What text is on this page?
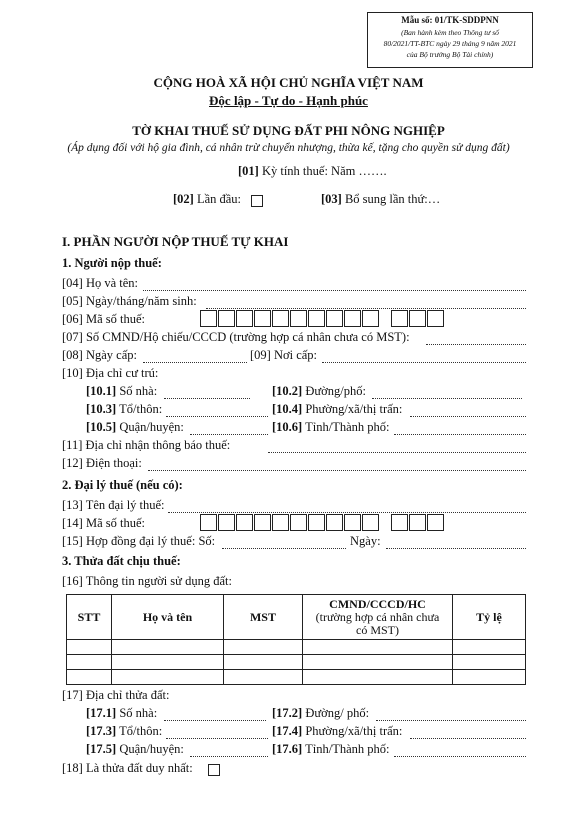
Mẫu số: 01/TK-SDDPNN
(Ban hành kèm theo Thông tư số
80/2021/TT-BTC ngày 29 tháng 9 năm 2021
của Bộ trưởng Bộ Tài chính)
CỘNG HOÀ XÃ HỘI CHỦ NGHĨA VIỆT NAM
Độc lập - Tự do - Hạnh phúc
TỜ KHAI THUẾ SỬ DỤNG ĐẤT PHI NÔNG NGHIỆP
(Áp dụng đối với hộ gia đình, cá nhân trừ chuyển nhượng, thừa kế, tặng cho quyền sử dụng đất)
[01] Kỳ tính thuế: Năm …….
[02] Lần đầu:	[03] Bổ sung lần thứ:…
I. PHẦN NGƯỜI NỘP THUẾ TỰ KHAI
1. Người nộp thuế:
[04] Họ và tên:
[05] Ngày/tháng/năm sinh:
[06] Mã số thuế:
[07] Số CMND/Hộ chiếu/CCCD (trường hợp cá nhân chưa có MST):
[08] Ngày cấp:	[09] Nơi cấp:
[10] Địa chỉ cư trú:
[10.1] Số nhà:	[10.2] Đường/phố:
[10.3] Tổ/thôn:	[10.4] Phường/xã/thị trấn:
[10.5] Quận/huyện:	[10.6] Tỉnh/Thành phố:
[11] Địa chỉ nhận thông báo thuế:
[12] Điện thoại:
2. Đại lý thuế (nếu có):
[13] Tên đại lý thuế:
[14] Mã số thuế:
[15] Hợp đồng đại lý thuế: Số:	Ngày:
3. Thửa đất chịu thuế:
[16] Thông tin người sử dụng đất:
STT	Họ và tên	MST	CMND/CCCD/HC
(trường hợp cá nhân chưa
có MST)	Tỷ lệ

[17] Địa chỉ thửa đất:
[17.1] Số nhà:	[17.2] Đường/ phố:
[17.3] Tổ/thôn:	[17.4] Phường/xã/thị trấn:
[17.5] Quận/huyện:	[17.6] Tỉnh/Thành phố:
[18] Là thửa đất duy nhất:
